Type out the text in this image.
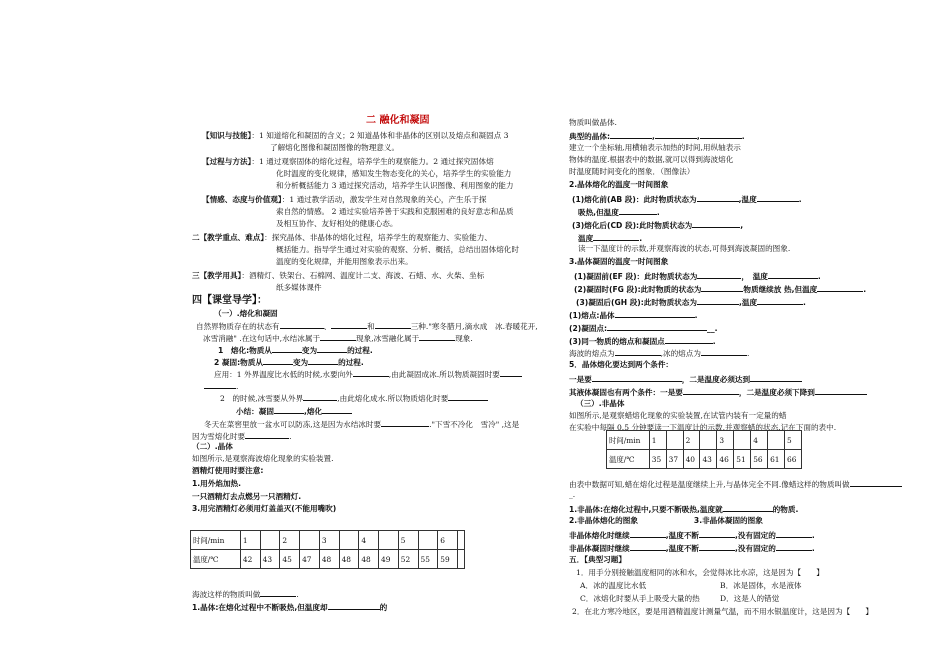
二 融化和凝固
【知识与技能】：1 知道熔化和凝固的含义；2 知道晶体和非晶体的区别以及熔点和凝固点 3
了解熔化图像和凝固图像的物理意义。
【过程与方法】：1 通过观察固体的熔化过程，培养学生的观察能力。2 通过探究固体熔
化时温度的变化规律，感知发生物态变化的关心，培养学生的实验能力
和分析概括能力 3 通过探究活动，培养学生认识图像、利用图象的能力
【情感、态度与价值观】：1 通过教学活动，激发学生对自然现象的关心，产生乐于探
索自然的情感。 2 通过实验培养善于实践和克服困难的良好意志和品质
及相互协作、友好相处的健康心态。
二【教学重点、难点】：探究晶体、非晶体的熔化过程，培养学生的观察能力、实验能力、
概括能力。指导学生通过对实验的观察、分析、概括，总结出固体熔化时
温度的变化规律，并能用图象表示出来。
三【教学用具】：酒精灯、铁架台、石棉网、温度计二支、海波、石蜡、水、火柴、坐标
纸多媒体课件
四【课堂导学】：
（一）.熔化和凝固
自然界物质存在的状态有	、	和	三种."寒冬腊月,滴水成　冰.春暖花开,
冰雪消融" .在这句话中,水结冰属于	现象,冰雪融化属于	现象.
1　熔化:物质从	变为	的过程.
2 凝固:物质从	变为	的过程.
应用：1 外界温度比水低的时候,水要向外	,由此凝固成冰.所以物质凝固时要
.
2　的时候,冰雪要从外界	,由此熔化成水.所以物质熔化时要
小结：凝固	,熔化
冬天在菜窖里放一盆水可以防冻,这是因为水结冰时要	."下雪不冷化　雪冷" ,这是
因为雪熔化时要	.
（二）.晶体
如图所示,是观察海波熔化现象的实验装置.
酒精灯使用时要注意:
1.用外焰加热.
一只酒精灯去点燃另一只酒精灯.
3.用完酒精灯必须用灯盖盖灭(不能用嘴吹)
时间/min	1		2		3		4		5		6	
温度/℃	42	43	45	47	48	48	48	49	52	55	59	
海波这样的物质叫做	.
1.晶体:在熔化过程中不断吸热,但温度却	的
物质叫做晶体.
典型的晶体:	,	,	.
建立一个坐标轴,用横轴表示加热的时间,用纵轴表示
物体的温度.根据表中的数据,就可以得到海波熔化
时温度随时间变化的图象．（图像法）
2.晶体熔化的温度一时间图象
(1)熔化前(AB 段)：此时物质状态为	,温度	.
吸热,但温度	.
(3)熔化后(CD 段):此时物质状态为	,
温度	.
读一下温度计的示数,并观察海波的状态,可得到海波凝固的图象.
3.晶体凝固的温度一时间图象
(1)凝固前(EF 段)：此时物质状态为	，　温度	.
(2)凝固时(FG 段):此时物质的状态为	物质继续放 热,但温度	.
(3)凝固后(GH 段):此时物质状态为	,温度	.
(1)熔点:晶体	.
(2)凝固点:	__.
(3)同一物质的熔点和凝固点	.
海波的熔点为	,冰的熔点为	.
5．晶体熔化要达到两个条件：
一是要	，二是温度必须达到
其液体凝固也有两个条件：一是要	，二是温度必须下降到
（三）.非晶体
如图所示,是观察蜡熔化现象的实验装置,在试管内装有一定量的蜡
在实验中每隔 0.5 分钟要读一下温度计的示数,并观察蜡的状态.记在下面的表中.
时间/min	1		2		3		4		5
温度/℃	35	37	40	43	46	51	56	61	66
由表中数据可知,蜡在熔化过程是温度继续上升,与晶体完全不同.像蜡这样的物质叫做
_.
1.非晶体:在熔化过程中,只要不断吸热,温度就	的物质.
2.非晶体熔化的图象	3.非晶体凝固的图象
非晶体熔化时继续	,温度不断	,没有固定的	.
非晶体凝固时继续	,温度不断	,没有固定的	.
五．【典型习题】
1．用手分别接触温度相同的冰和水，会觉得冰比水凉，这是因为【　　】
A．冰的温度比水低	B．冰是固体，水是液体
C．冰熔化时要从手上吸受大量的热	D．这是人的错觉
2．在北方寒冷地区，要是用酒精温度计测量气温，而不用水银温度计，这是因为【　　】
